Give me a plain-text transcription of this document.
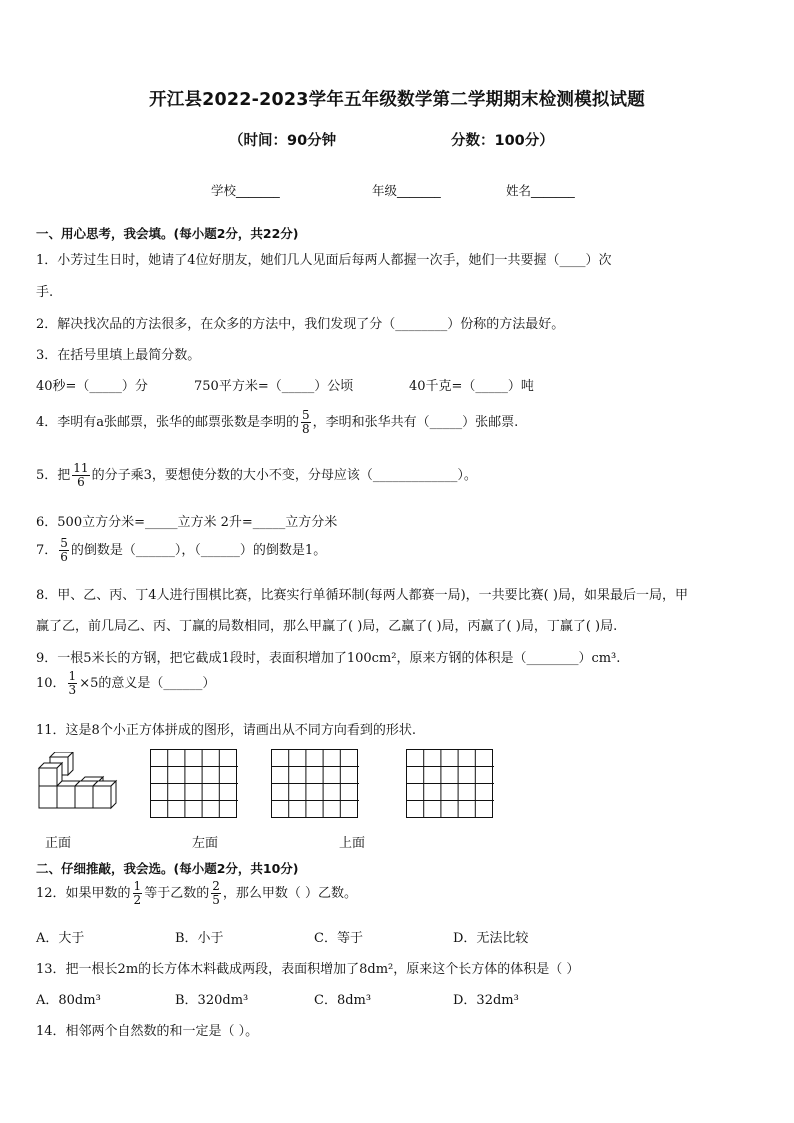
开江县2022-2023学年五年级数学第二学期期末检测模拟试题
（时间：90分钟	分数：100分）
学校_______	年级_______	姓名_______
一、用心思考，我会填。(每小题2分，共22分)
1．小芳过生日时，她请了4位好朋友，她们几人见面后每两人都握一次手，她们一共要握（____）次
手.
2．解决找次品的方法很多，在众多的方法中，我们发现了分（________）份称的方法最好。
3．在括号里填上最简分数。
40秒=（_____）分	750平方米=（_____）公顷	40千克=（_____）吨
4．李明有a张邮票，张华的邮票张数是李明的 $\frac{5}{8}$ ，李明和张华共有（_____）张邮票.
5．把 $\frac{11}{6}$ 的分子乘3，要想使分数的大小不变，分母应该（_____________）。
6．500立方分米=_____立方米 2升=_____立方分米
7． $\frac{5}{6}$ 的倒数是（______），（______）的倒数是1。
8．甲、乙、丙、丁4人进行围棋比赛，比赛实行单循环制(每两人都赛一局)，一共要比赛( )局，如果最后一局，甲
赢了乙，前几局乙、丙、丁赢的局数相同，那么甲赢了( )局，乙赢了( )局，丙赢了( )局，丁赢了( )局.
9．一根5米长的方钢，把它截成1段时，表面积增加了100cm²，原来方钢的体积是（________）cm³.
10． $\frac{1}{3} \times 5$的意义是（______）
11．这是8个小正方体拼成的图形，请画出从不同方向看到的形状.
正面	左面	上面
二、仔细推敲，我会选。(每小题2分，共10分)
12．如果甲数的 $\frac{1}{2}$ 等于乙数的 $\frac{2}{5}$ ，那么甲数（ ）乙数。
A．大于	B．小于	C．等于	D．无法比较
13．把一根长2m的长方体木料截成两段，表面积增加了8dm²，原来这个长方体的体积是（ ）
A．80dm³	B．320dm³	C．8dm³	D．32dm³
14．相邻两个自然数的和一定是（ ）。
